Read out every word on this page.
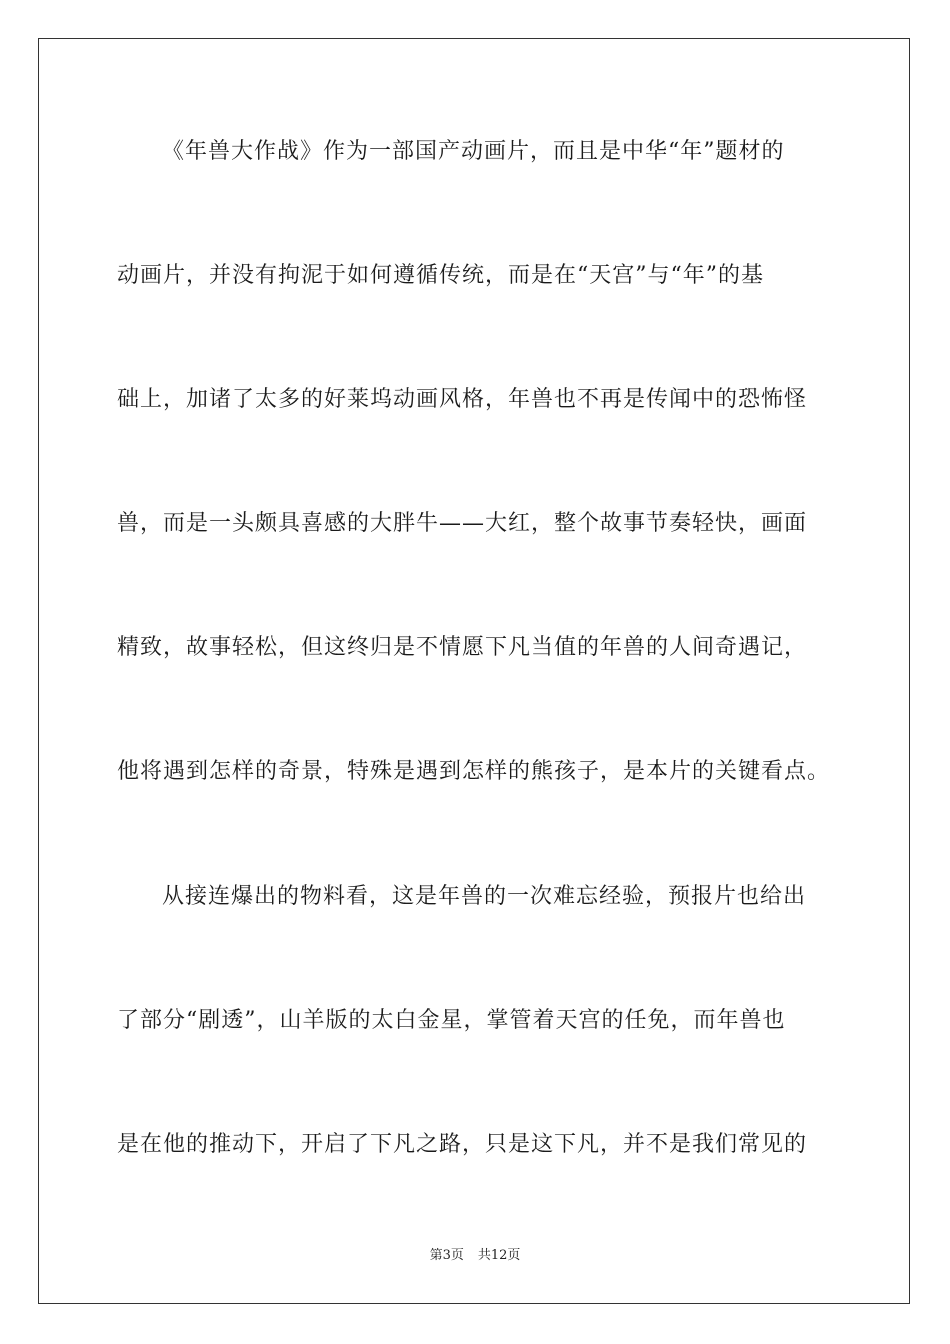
《年兽大作战》作为一部国产动画片，而且是中华“年”题材的
动画片，并没有拘泥于如何遵循传统，而是在“天宫”与“年”的基
础上，加诸了太多的好莱坞动画风格，年兽也不再是传闻中的恐怖怪
兽，而是一头颇具喜感的大胖牛——大红，整个故事节奏轻快，画面
精致，故事轻松，但这终归是不情愿下凡当值的年兽的人间奇遇记，
他将遇到怎样的奇景，特殊是遇到怎样的熊孩子，是本片的关键看点。
从接连爆出的物料看，这是年兽的一次难忘经验，预报片也给出
了部分“剧透”，山羊版的太白金星，掌管着天宫的任免，而年兽也
是在他的推动下，开启了下凡之路，只是这下凡，并不是我们常见的
第3页 共12页
